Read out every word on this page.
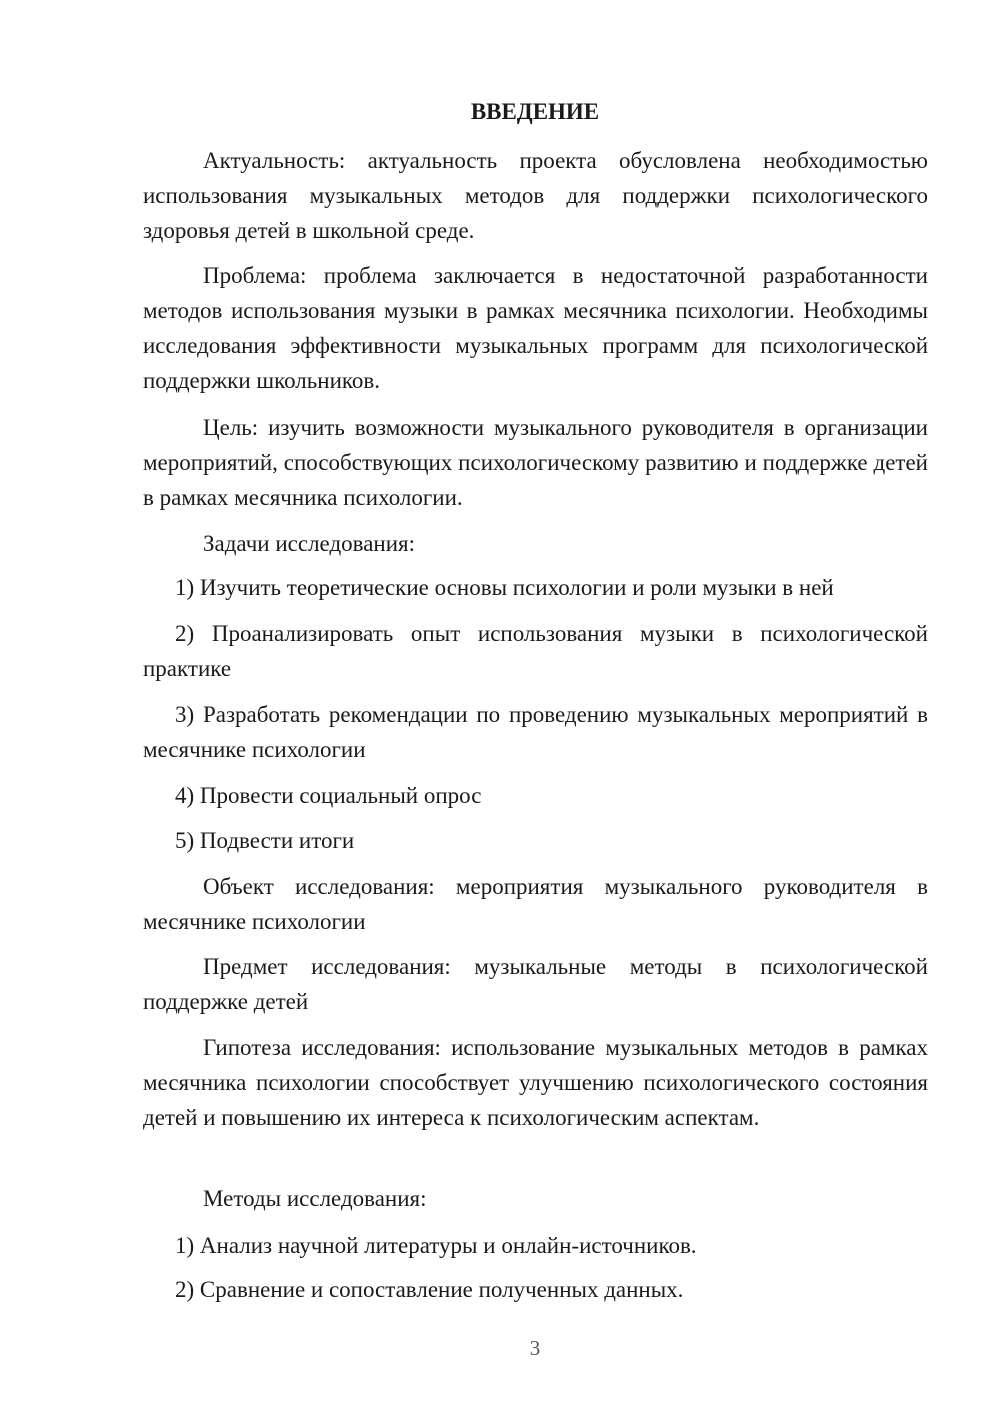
ВВЕДЕНИЕ

Актуальность: актуальность проекта обусловлена необходимостью использования музыкальных методов для поддержки психологического здоровья детей в школьной среде.

Проблема: проблема заключается в недостаточной разработанности методов использования музыки в рамках месячника психологии. Необходимы исследования эффективности музыкальных программ для психологической поддержки школьников.

Цель: изучить возможности музыкального руководителя в организации мероприятий, способствующих психологическому развитию и поддержке детей в рамках месячника психологии.

Задачи исследования:

1) Изучить теоретические основы психологии и роли музыки в ней

2) Проанализировать опыт использования музыки в психологической практике

3) Разработать рекомендации по проведению музыкальных мероприятий в месячнике психологии

4) Провести социальный опрос

5) Подвести итоги

Объект исследования: мероприятия музыкального руководителя в месячнике психологии

Предмет исследования: музыкальные методы в психологической поддержке детей

Гипотеза исследования: использование музыкальных методов в рамках месячника психологии способствует улучшению психологического состояния детей и повышению их интереса к психологическим аспектам.

Методы исследования:

1) Анализ научной литературы и онлайн-источников.

2) Сравнение и сопоставление полученных данных.

3
